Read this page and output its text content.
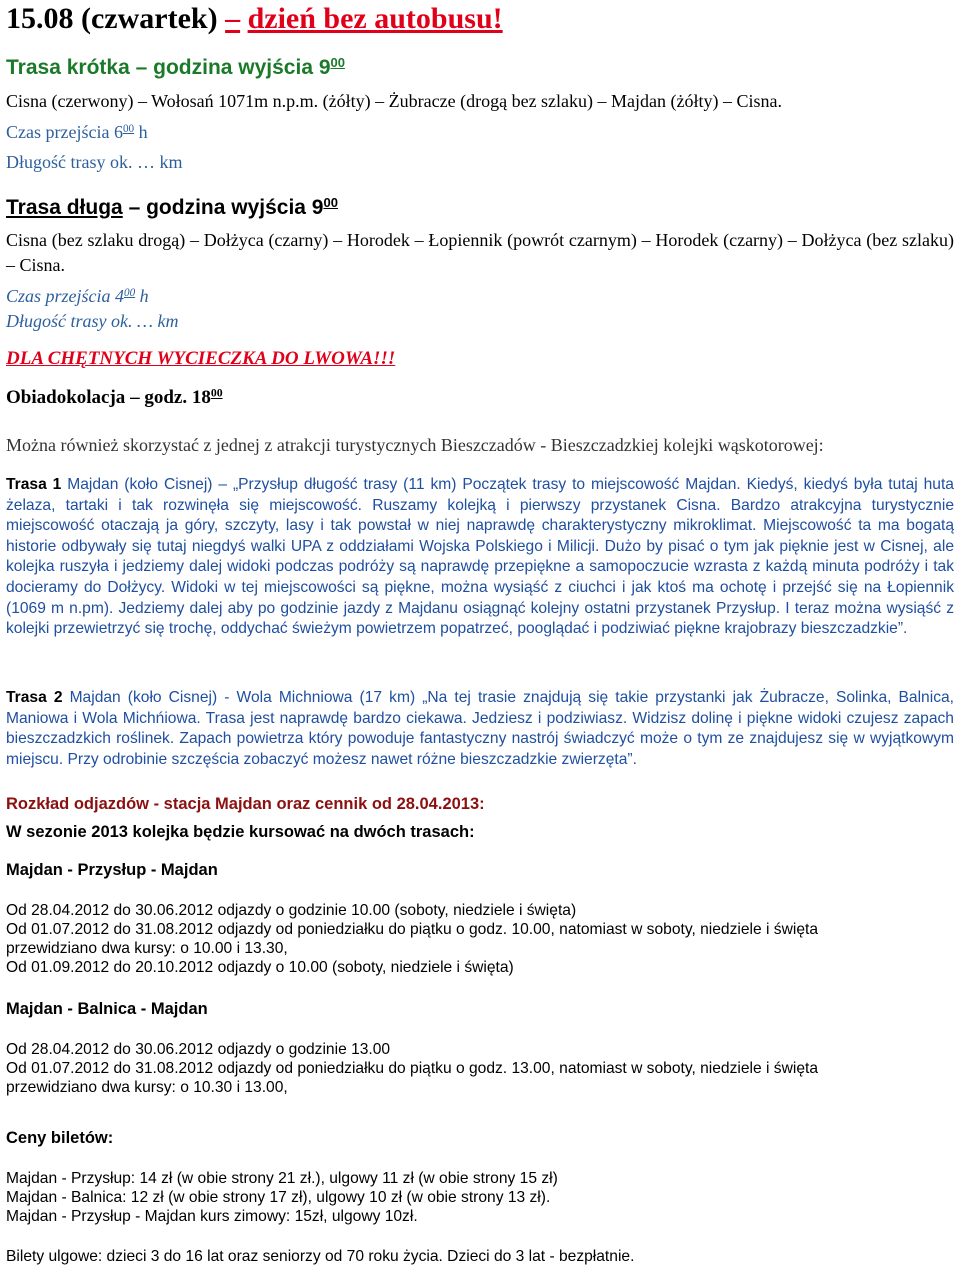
15.08 (czwartek) – dzień bez autobusu!
Trasa krótka – godzina wyjścia $9^{00}$
Cisna (czerwony) – Wołosań 1071m n.p.m. (żółty) – Żubracze (drogą bez szlaku) – Majdan (żółty) – Cisna.
Czas przejścia $6^{00}$ h
Długość trasy ok. … km
Trasa długa – godzina wyjścia $9^{00}$
Cisna (bez szlaku drogą) – Dołżyca (czarny) – Horodek – Łopiennik (powrót czarnym) – Horodek (czarny) – Dołżyca (bez szlaku) – Cisna.
Czas przejścia $4^{00}$ h
Długość trasy ok. … km
DLA CHĘTNYCH WYCIECZKA DO LWOWA!!!
Obiadokolacja – godz. $18^{00}$
Można również skorzystać z jednej z atrakcji turystycznych Bieszczadów - Bieszczadzkiej kolejki wąskotorowej:
Trasa 1 Majdan (koło Cisnej) – „Przysłup długość trasy (11 km) Początek trasy to miejscowość Majdan. Kiedyś, kiedyś była tutaj huta żelaza, tartaki i tak rozwinęła się miejscowość. Ruszamy kolejką i pierwszy przystanek Cisna. Bardzo atrakcyjna turystycznie miejscowość otaczają ja góry, szczyty, lasy i tak powstał w niej naprawdę charakterystyczny mikroklimat. Miejscowość ta ma bogatą historie odbywały się tutaj niegdyś walki UPA z oddziałami Wojska Polskiego i Milicji. Dużo by pisać o tym jak pięknie jest w Cisnej, ale kolejka ruszyła i jedziemy dalej widoki podczas podróży są naprawdę przepiękne a samopoczucie wzrasta z każdą minuta podróży i tak docieramy do Dołżycy. Widoki w tej miejscowości są piękne, można wysiąść z ciuchci i jak ktoś ma ochotę i przejść się na Łopiennik (1069 m n.pm). Jedziemy dalej aby po godzinie jazdy z Majdanu osiągnąć kolejny ostatni przystanek Przysłup. I teraz można wysiąść z kolejki przewietrzyć się trochę, oddychać świeżym powietrzem popatrzeć, pooglądać i podziwiać piękne krajobrazy bieszczadzkie”.
Trasa 2 Majdan (koło Cisnej) - Wola Michniowa (17 km) „Na tej trasie znajdują się takie przystanki jak Żubracze, Solinka, Balnica, Maniowa i Wola Michńiowa. Trasa jest naprawdę bardzo ciekawa. Jedziesz i podziwiasz. Widzisz dolinę i piękne widoki czujesz zapach bieszczadzkich roślinek. Zapach powietrza który powoduje fantastyczny nastrój świadczyć może o tym ze znajdujesz się w wyjątkowym miejscu. Przy odrobinie szczęścia zobaczyć możesz nawet różne bieszczadzkie zwierzęta”.
Rozkład odjazdów - stacja Majdan oraz cennik od 28.04.2013:
W sezonie 2013 kolejka będzie kursować na dwóch trasach:
Majdan - Przysłup - Majdan
Od 28.04.2012 do 30.06.2012 odjazdy o godzinie 10.00 (soboty, niedziele i święta)
Od 01.07.2012 do 31.08.2012 odjazdy od poniedziałku do piątku o godz. 10.00, natomiast w soboty, niedziele i święta
przewidziano dwa kursy: o 10.00 i 13.30,
Od 01.09.2012 do 20.10.2012 odjazdy o 10.00 (soboty, niedziele i święta)
Majdan - Balnica - Majdan
Od 28.04.2012 do 30.06.2012 odjazdy o godzinie 13.00
Od 01.07.2012 do 31.08.2012 odjazdy od poniedziałku do piątku o godz. 13.00, natomiast w soboty, niedziele i święta
przewidziano dwa kursy: o 10.30 i 13.00,
Ceny biletów:
Majdan - Przysłup: 14 zł (w obie strony 21 zł.), ulgowy 11 zł (w obie strony 15 zł)
Majdan - Balnica: 12 zł (w obie strony 17 zł), ulgowy 10 zł (w obie strony 13 zł).
Majdan - Przysłup - Majdan kurs zimowy: 15zł, ulgowy 10zł.
Bilety ulgowe: dzieci 3 do 16 lat oraz seniorzy od 70 roku życia. Dzieci do 3 lat - bezpłatnie.
